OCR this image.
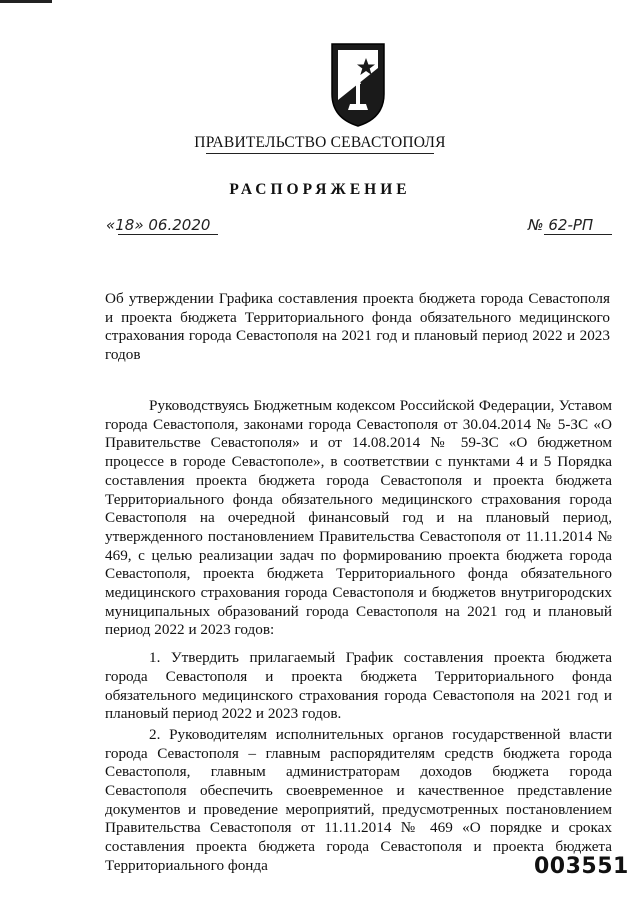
ПРАВИТЕЛЬСТВО СЕВАСТОПОЛЯ
РАСПОРЯЖЕНИЕ
«18» 06.2020	№ 62-РП
Об утверждении Графика составления проекта бюджета города Севастополя и проекта бюджета Территориального фонда обязательного медицинского страхования города Севастополя на 2021 год и плановый период 2022 и 2023 годов

Руководствуясь Бюджетным кодексом Российской Федерации, Уставом города Севастополя, законами города Севастополя от 30.04.2014 № 5-ЗС «О Правительстве Севастополя» и от 14.08.2014 № 59-ЗС «О бюджетном процессе в городе Севастополе», в соответствии с пунктами 4 и 5 Порядка составления проекта бюджета города Севастополя и проекта бюджета Территориального фонда обязательного медицинского страхования города Севастополя на очередной финансовый год и на плановый период, утвержденного постановлением Правительства Севастополя от 11.11.2014 № 469, с целью реализации задач по формированию проекта бюджета города Севастополя, проекта бюджета Территориального фонда обязательного медицинского страхования города Севастополя и бюджетов внутригородских муниципальных образований города Севастополя на 2021 год и плановый период 2022 и 2023 годов:

1. Утвердить прилагаемый График составления проекта бюджета города Севастополя и проекта бюджета Территориального фонда обязательного медицинского страхования города Севастополя на 2021 год и плановый период 2022 и 2023 годов.

2. Руководителям исполнительных органов государственной власти города Севастополя – главным распорядителям средств бюджета города Севастополя, главным администраторам доходов бюджета города Севастополя обеспечить своевременное и качественное представление документов и проведение мероприятий, предусмотренных постановлением Правительства Севастополя от 11.11.2014 № 469 «О порядке и сроках составления проекта бюджета города Севастополя и проекта бюджета Территориального фонда	003551
